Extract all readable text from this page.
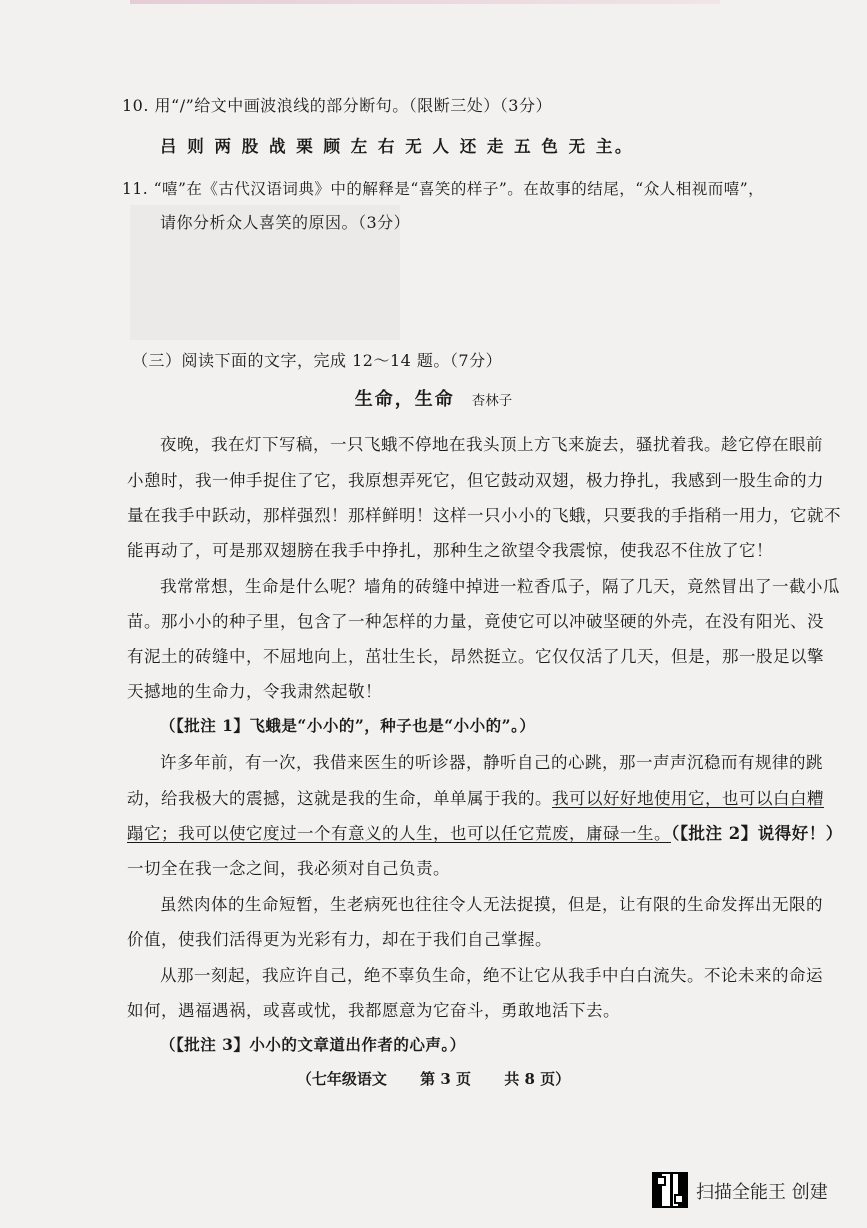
10. 用“/”给文中画波浪线的部分断句。（限断三处）（3分）
吕 则 两 股 战 栗 顾 左 右 无 人 还 走 五 色 无 主。
11. “嘻”在《古代汉语词典》中的解释是“喜笑的样子”。在故事的结尾，“众人相视而嘻”，
请你分析众人喜笑的原因。（3分）
（三）阅读下面的文字，完成 12～14 题。（7分）
生命，生命 杏林子
夜晚，我在灯下写稿，一只飞蛾不停地在我头顶上方飞来旋去，骚扰着我。趁它停在眼前
小憩时，我一伸手捉住了它，我原想弄死它，但它鼓动双翅，极力挣扎，我感到一股生命的力
量在我手中跃动，那样强烈！那样鲜明！这样一只小小的飞蛾，只要我的手指稍一用力，它就不
能再动了，可是那双翅膀在我手中挣扎，那种生之欲望令我震惊，使我忍不住放了它！
我常常想，生命是什么呢？墙角的砖缝中掉进一粒香瓜子，隔了几天，竟然冒出了一截小瓜
苗。那小小的种子里，包含了一种怎样的力量，竟使它可以冲破坚硬的外壳，在没有阳光、没
有泥土的砖缝中，不屈地向上，茁壮生长，昂然挺立。它仅仅活了几天，但是，那一股足以擎
天撼地的生命力，令我肃然起敬！
（【批注 1】飞蛾是“小小的”，种子也是“小小的”。）
许多年前，有一次，我借来医生的听诊器，静听自己的心跳，那一声声沉稳而有规律的跳
动，给我极大的震撼，这就是我的生命，单单属于我的。我可以好好地使用它，也可以白白糟
蹋它；我可以使它度过一个有意义的人生，也可以任它荒废，庸碌一生。（【批注 2】说得好！）
一切全在我一念之间，我必须对自己负责。
虽然肉体的生命短暂，生老病死也往往令人无法捉摸，但是，让有限的生命发挥出无限的
价值，使我们活得更为光彩有力，却在于我们自己掌握。
从那一刻起，我应许自己，绝不辜负生命，绝不让它从我手中白白流失。不论未来的命运
如何，遇福遇祸，或喜或忧，我都愿意为它奋斗，勇敢地活下去。
（【批注 3】小小的文章道出作者的心声。）
（七年级语文 第 3 页 共 8 页）
扫描全能王 创建
